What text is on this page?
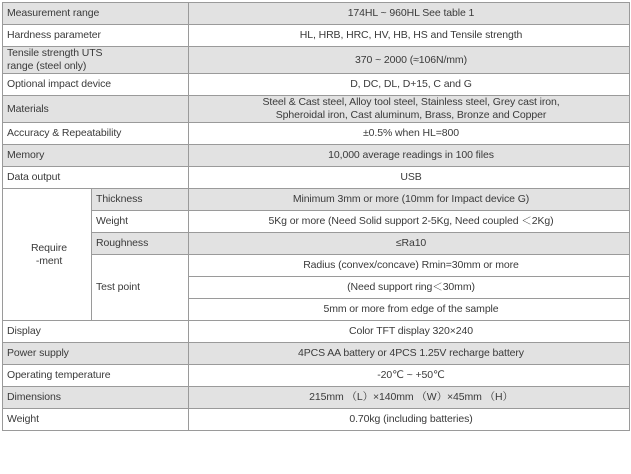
Measurement range		174HL ~ 960HL See table 1
Hardness parameter		HL, HRB, HRC, HV, HB, HS and Tensile strength

Tensile strength UTS
range (steel only)		370 ~ 2000 (≈106N/mm)
Optional impact device		D, DC, DL, D+15, C and G
Materials		Steel & Cast steel, Alloy tool steel, Stainless steel, Grey cast iron,
Spheroidal iron, Cast aluminum, Brass, Bronze and Copper

Accuracy & Repeatability		±0.5% when HL=800
Memory		10,000 average readings in 100 files
Data output		USB

Require
-ment	Thickness	Minimum 3mm or more (10mm for Impact device G)
	Weight	5Kg or more (Need Solid support 2-5Kg, Need coupled ＜2Kg)
	Roughness	≤Ra10
	Test point	Radius (convex/concave) Rmin=30mm or more
		(Need support ring＜30mm)
		5mm or more from edge of the sample
Display		Color TFT display 320×240
Power supply		4PCS AA battery or 4PCS 1.25V recharge battery
Operating temperature		-20℃ ~ +50℃
Dimensions		215mm （L）×140mm （W）×45mm （H）
Weight		0.70kg (including batteries)
